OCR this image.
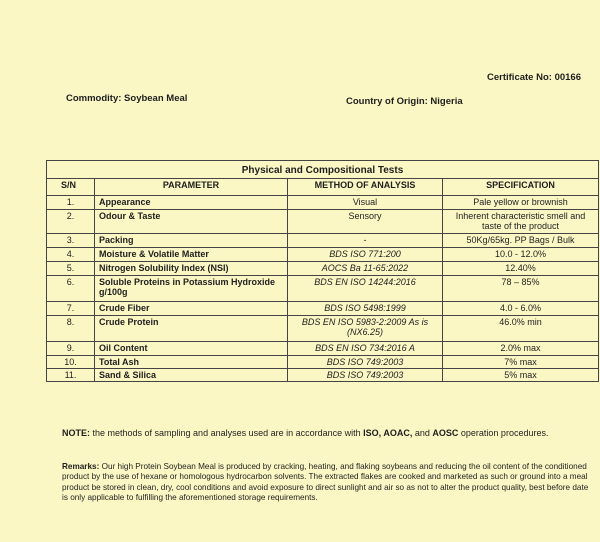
Certificate No: 00166
Commodity: Soybean Meal	Country of Origin: Nigeria
Physical and Compositional Tests			
S/N	PARAMETER	METHOD OF ANALYSIS	SPECIFICATION
1.	Appearance	Visual	Pale yellow or brownish
2.	Odour & Taste	Sensory	Inherent characteristic smell and taste of the product
3.	Packing	-	50Kg/65kg. PP Bags / Bulk
4.	Moisture & Volatile Matter	BDS ISO 771:200	10.0 - 12.0%
5.	Nitrogen Solubility Index (NSI)	AOCS Ba 11-65:2022	12.40%
6.	Soluble Proteins in Potassium Hydroxide g/100g	BDS EN ISO 14244:2016	78 – 85%
7.	Crude Fiber	BDS ISO 5498:1999	4.0 - 6.0%
8.	Crude Protein	BDS EN ISO 5983-2:2009 As is (NX6.25)	46.0% min
9.	Oil Content	BDS EN ISO 734:2016 A	2.0% max
10.	Total Ash	BDS ISO 749:2003	7% max
11.	Sand & Silica	BDS ISO 749:2003	5% max
NOTE: the methods of sampling and analyses used are in accordance with ISO, AOAC, and AOSC operation procedures.
Remarks: Our high Protein Soybean Meal is produced by cracking, heating, and flaking soybeans and reducing the oil content of the conditioned product by the use of hexane or homologous hydrocarbon solvents. The extracted flakes are cooked and marketed as such or ground into a meal product be stored in clean, dry, cool conditions and avoid exposure to direct sunlight and air so as not to alter the product quality, best before date is only applicable to fulfilling the aforementioned storage requirements.
